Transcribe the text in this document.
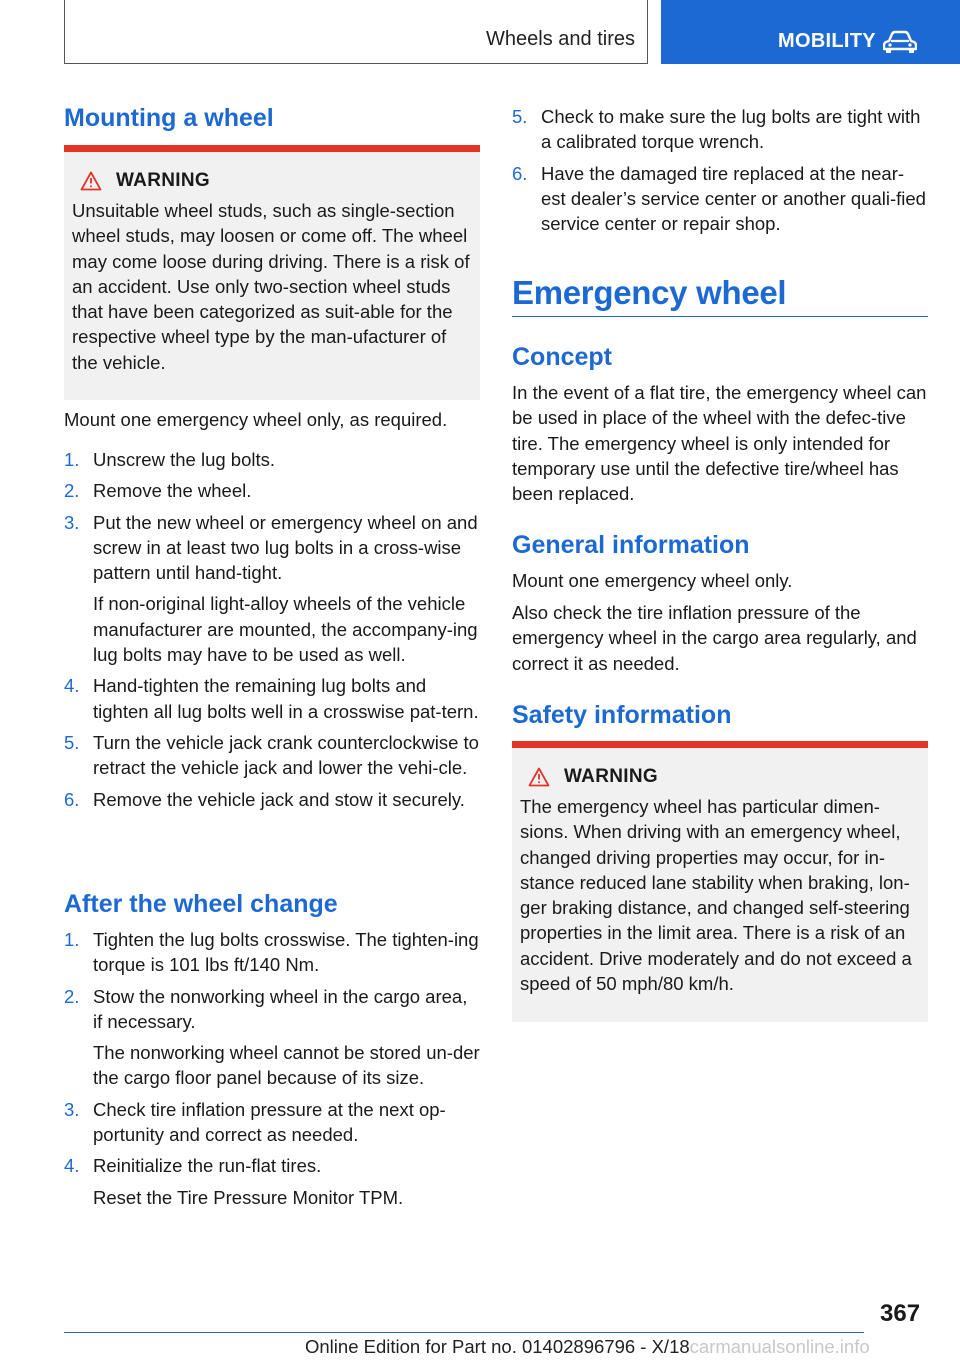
Wheels and tires	MOBILITY
Mounting a wheel
WARNING

Unsuitable wheel studs, such as single-section wheel studs, may loosen or come off. The wheel may come loose during driving. There is a risk of an accident. Use only two-section wheel studs that have been categorized as suit-able for the respective wheel type by the man-ufacturer of the vehicle.

Mount one emergency wheel only, as required.

1. Unscrew the lug bolts.

2. Remove the wheel.

3. Put the new wheel or emergency wheel on and screw in at least two lug bolts in a cross-wise pattern until hand-tight.

If non-original light-alloy wheels of the vehicle manufacturer are mounted, the accompany-ing lug bolts may have to be used as well.

4. Hand-tighten the remaining lug bolts and tighten all lug bolts well in a crosswise pat-tern.

5. Turn the vehicle jack crank counterclockwise to retract the vehicle jack and lower the vehi-cle.

6. Remove the vehicle jack and stow it securely.

After the wheel change
1. Tighten the lug bolts crosswise. The tighten-ing torque is 101 lbs ft/140 Nm.

2. Stow the nonworking wheel in the cargo area, if necessary.

The nonworking wheel cannot be stored un-der the cargo floor panel because of its size.

3. Check tire inflation pressure at the next op-portunity and correct as needed.

4. Reinitialize the run-flat tires.

Reset the Tire Pressure Monitor TPM.

5. Check to make sure the lug bolts are tight with a calibrated torque wrench.

6. Have the damaged tire replaced at the near-est dealer’s service center or another quali-fied service center or repair shop.

Emergency wheel
Concept

In the event of a flat tire, the emergency wheel can be used in place of the wheel with the defec-tive tire. The emergency wheel is only intended for temporary use until the defective tire/wheel has been replaced.

General information

Mount one emergency wheel only.

Also check the tire inflation pressure of the emergency wheel in the cargo area regularly, and correct it as needed.

Safety information
WARNING

The emergency wheel has particular dimen-sions. When driving with an emergency wheel, changed driving properties may occur, for in-stance reduced lane stability when braking, lon-ger braking distance, and changed self-steering properties in the limit area. There is a risk of an accident. Drive moderately and do not exceed a speed of 50 mph/80 km/h.

367
Online Edition for Part no. 01402896796 - X/18carmanualsonline.info
